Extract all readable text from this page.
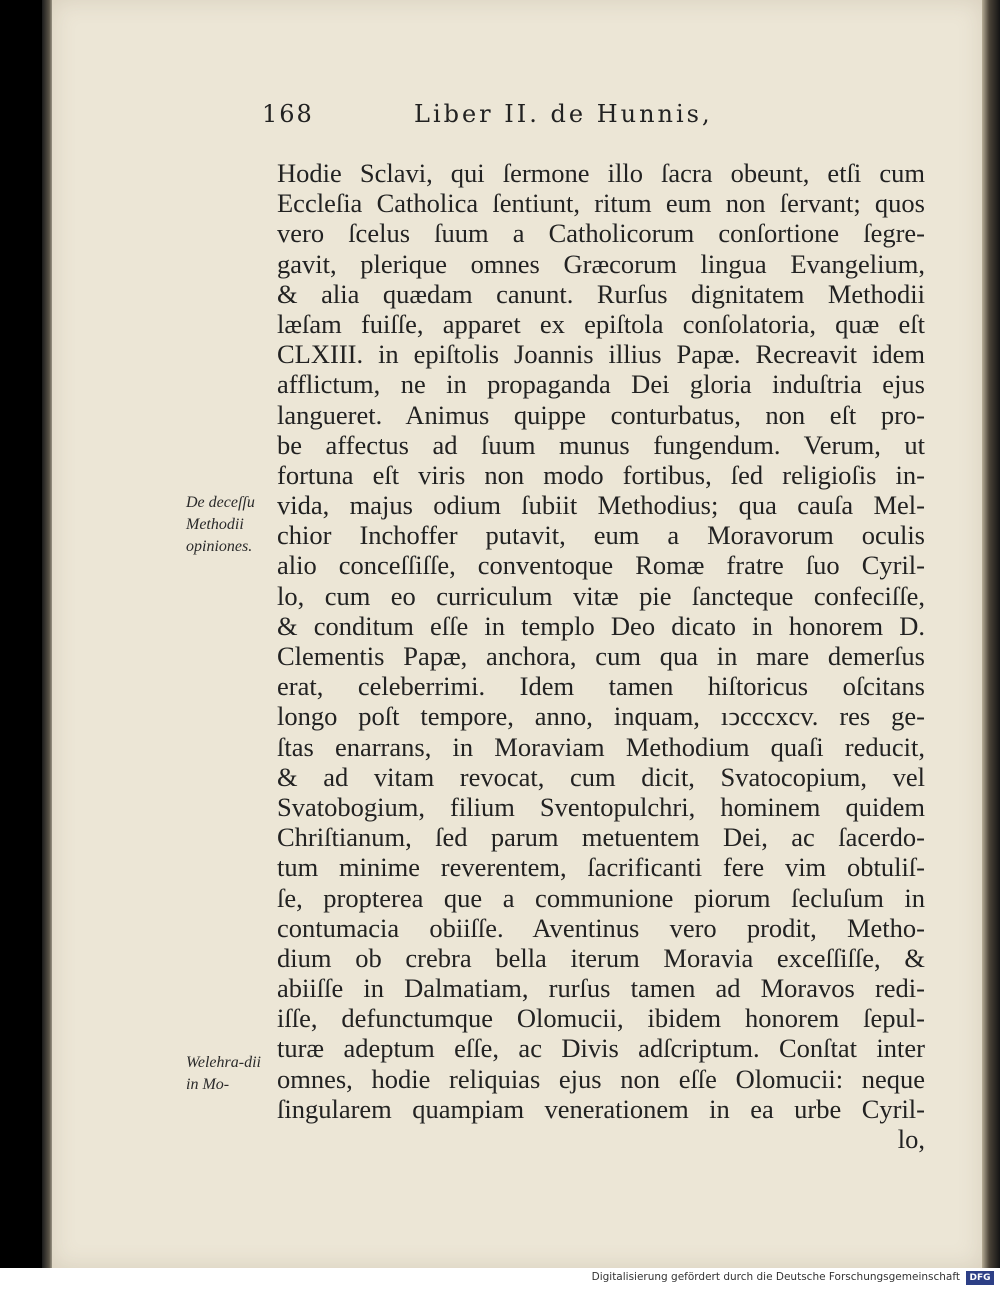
168	Liber II. de Hunnis,
De deceſſu Methodii opiniones.
Welehra-dii in Mo-
Hodie Sclavi, qui ſermone illo ſacra obeunt, etſi cum
Eccleſia Catholica ſentiunt, ritum eum non ſervant; quos
vero ſcelus ſuum a Catholicorum conſortione ſegre-
gavit, plerique omnes Græcorum lingua Evangelium,
& alia quædam canunt. Rurſus dignitatem Methodii
læſam fuiſſe, apparet ex epiſtola conſolatoria, quæ eſt
CLXIII. in epiſtolis Joannis illius Papæ. Recreavit idem
afflictum, ne in propaganda Dei gloria induſtria ejus
langueret. Animus quippe conturbatus, non eſt pro-
be affectus ad ſuum munus fungendum. Verum, ut
fortuna eſt viris non modo fortibus, ſed religioſis in-
vida, majus odium ſubiit Methodius; qua cauſa Mel-
chior Inchoffer putavit, eum a Moravorum oculis
alio conceſſiſſe, conventoque Romæ fratre ſuo Cyril-
lo, cum eo curriculum vitæ pie ſancteque confeciſſe,
& conditum eſſe in templo Deo dicato in honorem D.
Clementis Papæ, anchora, cum qua in mare demerſus
erat, celeberrimi. Idem tamen hiſtoricus oſcitans
longo poſt tempore, anno, inquam, ıↄcccxcv. res ge-
ſtas enarrans, in Moraviam Methodium quaſi reducit,
& ad vitam revocat, cum dicit, Svatocopium, vel
Svatobogium, filium Sventopulchri, hominem quidem
Chriſtianum, ſed parum metuentem Dei, ac ſacerdo-
tum minime reverentem, ſacrificanti fere vim obtuliſ-
ſe, propterea que a communione piorum ſecluſum in
contumacia obiiſſe. Aventinus vero prodit, Metho-
dium ob crebra bella iterum Moravia exceſſiſſe, &
abiiſſe in Dalmatiam, rurſus tamen ad Moravos redi-
iſſe, defunctumque Olomucii, ibidem honorem ſepul-
turæ adeptum eſſe, ac Divis adſcriptum. Conſtat inter
omnes, hodie reliquias ejus non eſſe Olomucii: neque
ſingularem quampiam venerationem in ea urbe Cyril-
lo,
Digitalisierung gefördert durch die Deutsche Forschungsgemeinschaft	DFG
